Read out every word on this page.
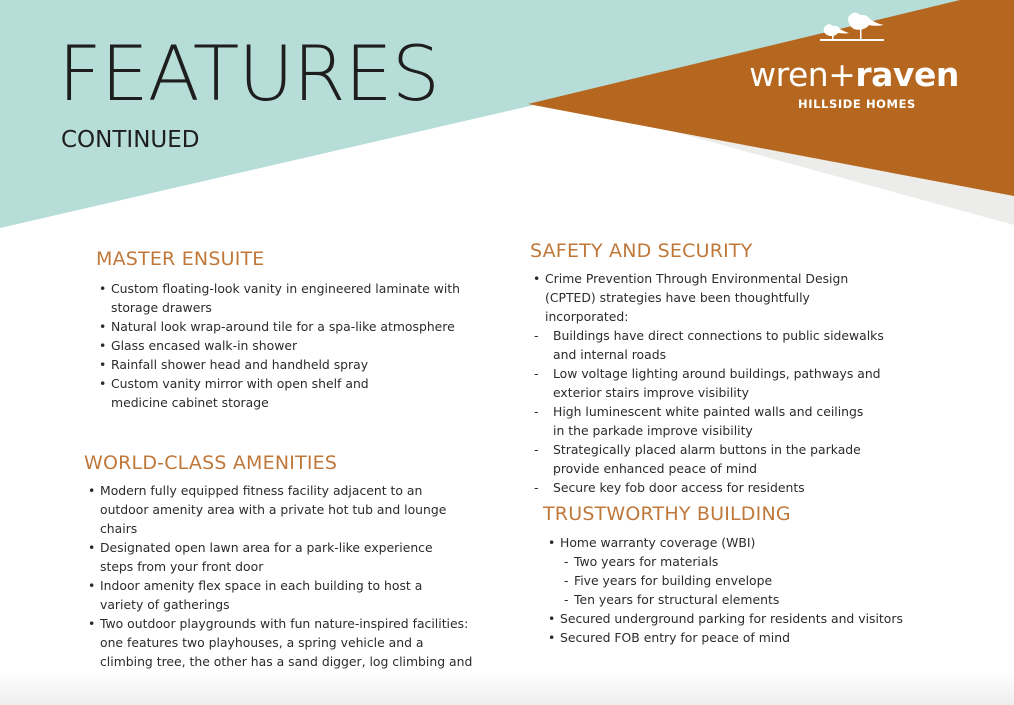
FEATURES
CONTINUED
wren+raven
HILLSIDE HOMES
MASTER ENSUITE
• Custom floating-look vanity in engineered laminate with storage drawers
• Natural look wrap-around tile for a spa-like atmosphere
• Glass encased walk-in shower
• Rainfall shower head and handheld spray
• Custom vanity mirror with open shelf and medicine cabinet storage
WORLD-CLASS AMENITIES
• Modern fully equipped fitness facility adjacent to an outdoor amenity area with a private hot tub and lounge chairs
• Designated open lawn area for a park-like experience steps from your front door
• Indoor amenity flex space in each building to host a variety of gatherings
• Two outdoor playgrounds with fun nature-inspired facilities: one features two playhouses, a spring vehicle and a climbing tree, the other has a sand digger, log climbing and
SAFETY AND SECURITY
• Crime Prevention Through Environmental Design (CPTED) strategies have been thoughtfully incorporated:
- Buildings have direct connections to public sidewalks and internal roads
- Low voltage lighting around buildings, pathways and exterior stairs improve visibility
- High luminescent white painted walls and ceilings in the parkade improve visibility
- Strategically placed alarm buttons in the parkade provide enhanced peace of mind
- Secure key fob door access for residents
TRUSTWORTHY BUILDING
• Home warranty coverage (WBI)
- Two years for materials
- Five years for building envelope
- Ten years for structural elements
• Secured underground parking for residents and visitors
• Secured FOB entry for peace of mind
